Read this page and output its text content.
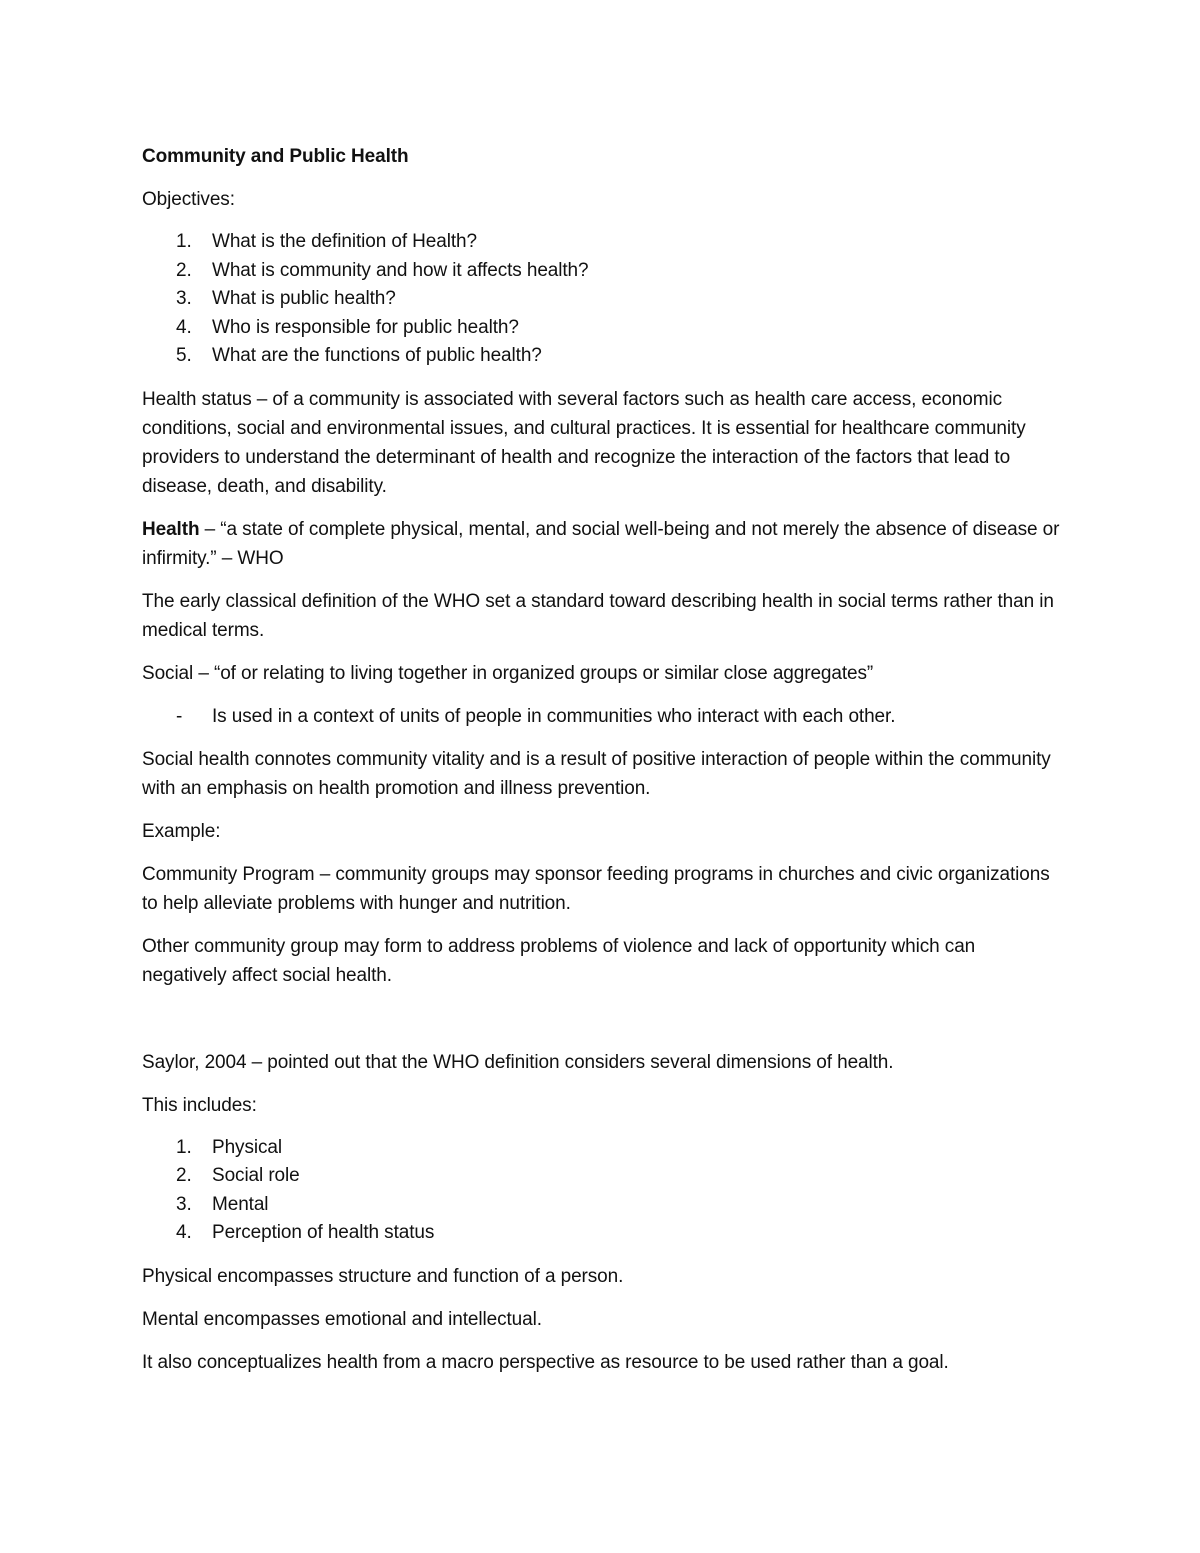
Community and Public Health

Objectives:

1. What is the definition of Health?
2. What is community and how it affects health?
3. What is public health?
4. Who is responsible for public health?
5. What are the functions of public health?

Health status – of a community is associated with several factors such as health care access, economic conditions, social and environmental issues, and cultural practices. It is essential for healthcare community providers to understand the determinant of health and recognize the interaction of the factors that lead to disease, death, and disability.

Health – “a state of complete physical, mental, and social well-being and not merely the absence of disease or infirmity.” – WHO

The early classical definition of the WHO set a standard toward describing health in social terms rather than in medical terms.

Social – “of or relating to living together in organized groups or similar close aggregates”

- Is used in a context of units of people in communities who interact with each other.

Social health connotes community vitality and is a result of positive interaction of people within the community with an emphasis on health promotion and illness prevention.

Example:

Community Program – community groups may sponsor feeding programs in churches and civic organizations to help alleviate problems with hunger and nutrition.

Other community group may form to address problems of violence and lack of opportunity which can negatively affect social health.

Saylor, 2004 – pointed out that the WHO definition considers several dimensions of health.

This includes:

1. Physical
2. Social role
3. Mental
4. Perception of health status

Physical encompasses structure and function of a person.

Mental encompasses emotional and intellectual.

It also conceptualizes health from a macro perspective as resource to be used rather than a goal.
